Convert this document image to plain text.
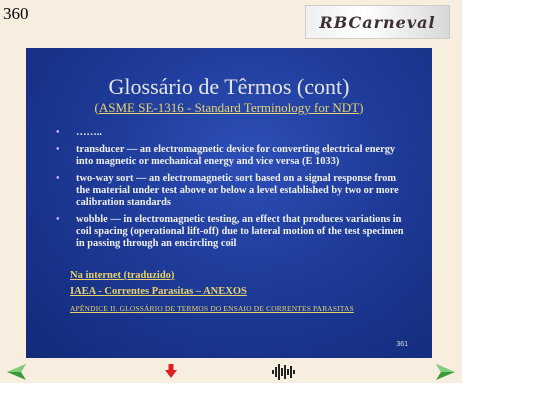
360	RBCarneval
Glossário de Têrmos (cont)
(ASME SE-1316 - Standard Terminology for NDT)
• ……..
• transducer — an electromagnetic device for converting electrical energy into magnetic or mechanical energy and vice versa (E 1033)
• two-way sort — an electromagnetic sort based on a signal response from the material under test above or below a level established by two or more calibration standards
• wobble — in electromagnetic testing, an effect that produces variations in coil spacing (operational lift-off) due to lateral motion of the test specimen in passing through an encircling coil
Na internet (traduzido)
IAEA - Correntes Parasitas – ANEXOS
APÊNDICE II. GLOSSÁRIO DE TERMOS DO ENSAIO DE CORRENTES PARASITAS
361
